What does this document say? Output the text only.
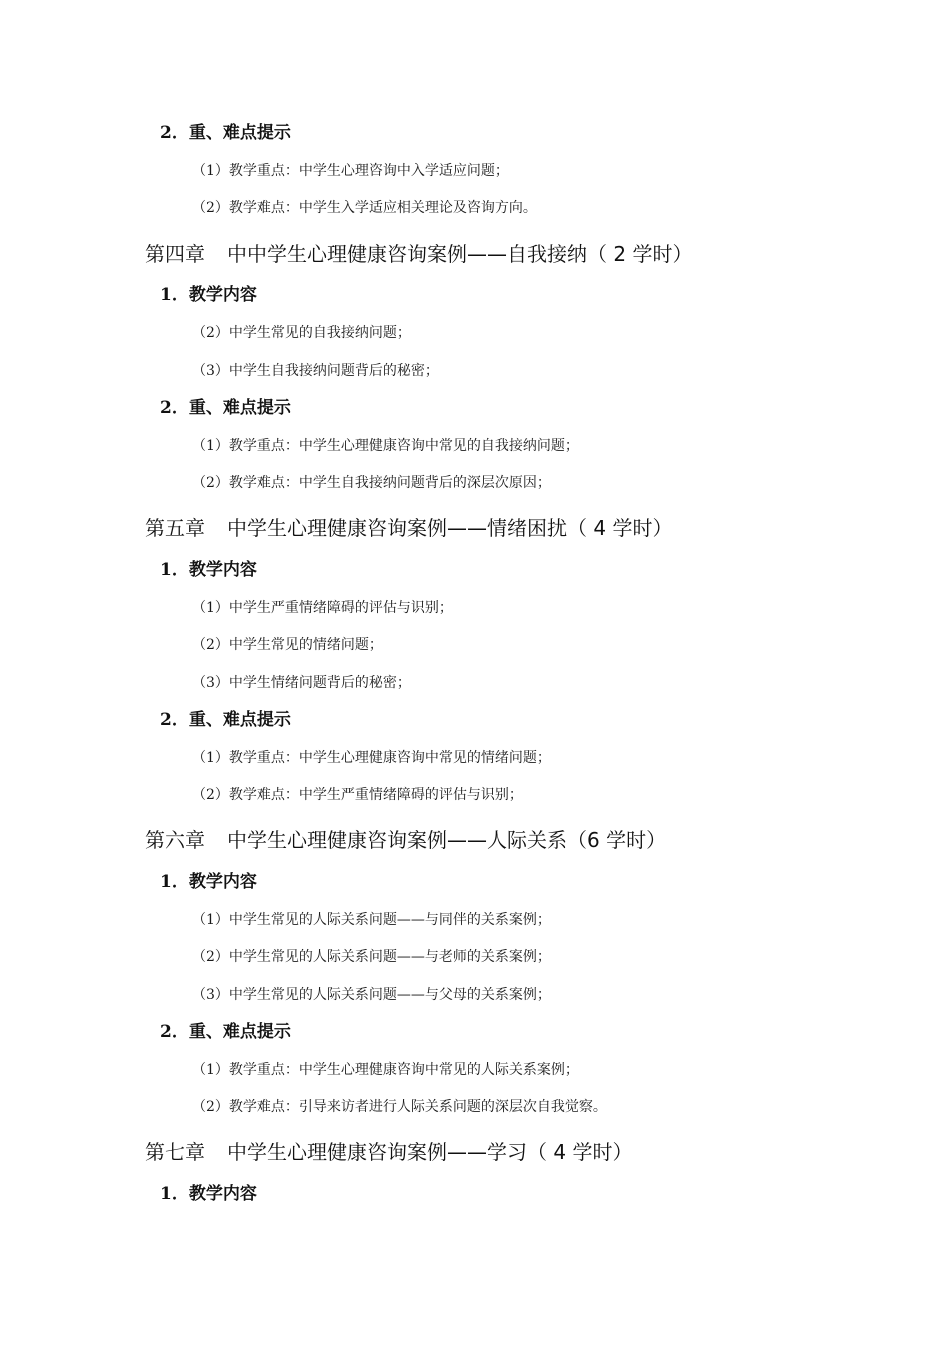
2．重、难点提示
（1）教学重点：中学生心理咨询中入学适应问题；
（2）教学难点：中学生入学适应相关理论及咨询方向。
第四章 中中学生心理健康咨询案例——自我接纳（ 2 学时）
1．教学内容
（2）中学生常见的自我接纳问题；
（3）中学生自我接纳问题背后的秘密；
2．重、难点提示
（1）教学重点：中学生心理健康咨询中常见的自我接纳问题；
（2）教学难点：中学生自我接纳问题背后的深层次原因；
第五章 中学生心理健康咨询案例——情绪困扰（ 4 学时）
1．教学内容
（1）中学生严重情绪障碍的评估与识别；
（2）中学生常见的情绪问题；
（3）中学生情绪问题背后的秘密；
2．重、难点提示
（1）教学重点：中学生心理健康咨询中常见的情绪问题；
（2）教学难点：中学生严重情绪障碍的评估与识别；
第六章 中学生心理健康咨询案例——人际关系（6 学时）
1．教学内容
（1）中学生常见的人际关系问题——与同伴的关系案例；
（2）中学生常见的人际关系问题——与老师的关系案例；
（3）中学生常见的人际关系问题——与父母的关系案例；
2．重、难点提示
（1）教学重点：中学生心理健康咨询中常见的人际关系案例；
（2）教学难点：引导来访者进行人际关系问题的深层次自我觉察。
第七章 中学生心理健康咨询案例——学习（ 4 学时）
1．教学内容
